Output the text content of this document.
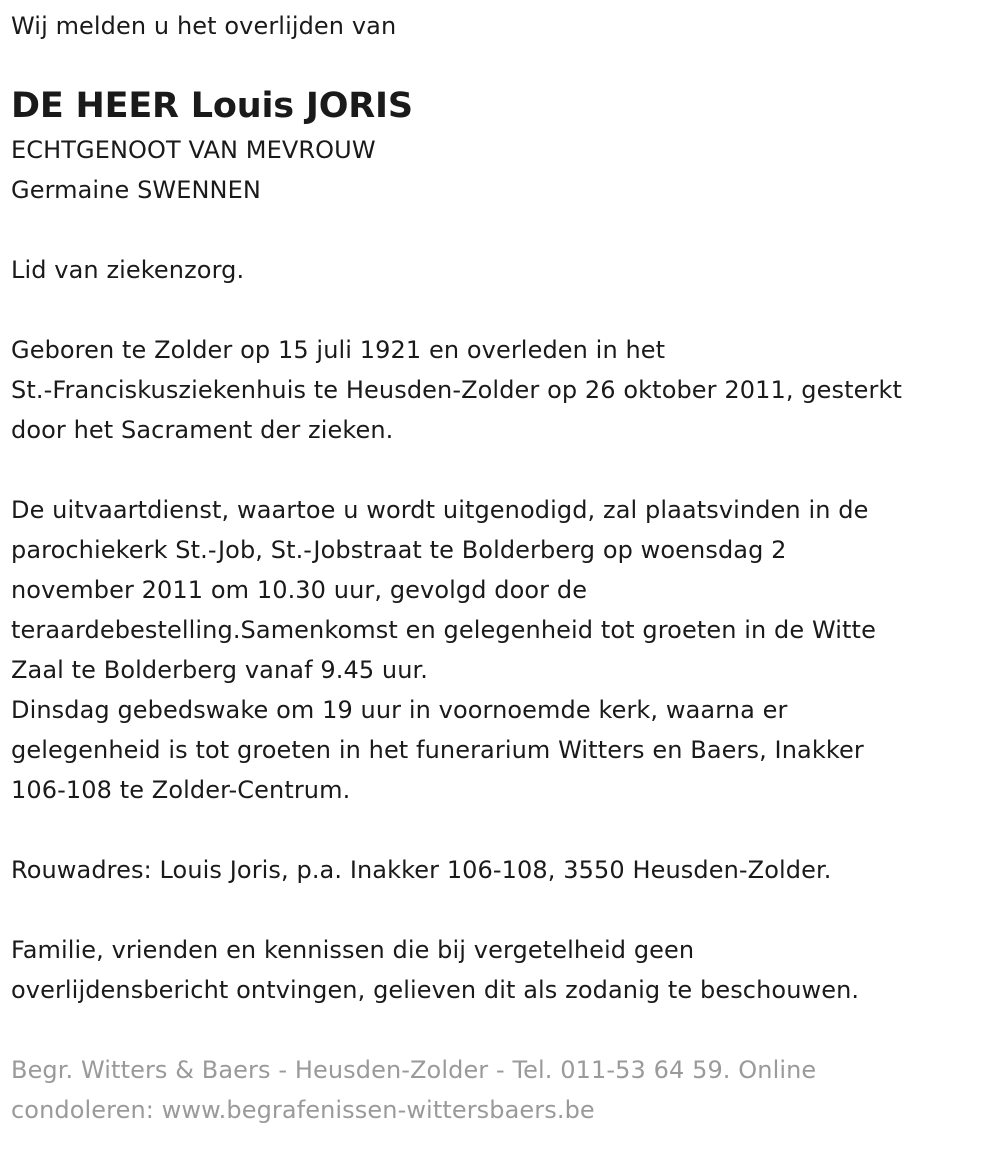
Wij melden u het overlijden van
DE HEER Louis JORIS
ECHTGENOOT VAN MEVROUW
Germaine SWENNEN
Lid van ziekenzorg.
Geboren te Zolder op 15 juli 1921 en overleden in het
St.-Franciskusziekenhuis te Heusden-Zolder op 26 oktober 2011, gesterkt
door het Sacrament der zieken.
De uitvaartdienst, waartoe u wordt uitgenodigd, zal plaatsvinden in de
parochiekerk St.-Job, St.-Jobstraat te Bolderberg op woensdag 2
november 2011 om 10.30 uur, gevolgd door de
teraardebestelling.Samenkomst en gelegenheid tot groeten in de Witte
Zaal te Bolderberg vanaf 9.45 uur.
Dinsdag gebedswake om 19 uur in voornoemde kerk, waarna er
gelegenheid is tot groeten in het funerarium Witters en Baers, Inakker
106-108 te Zolder-Centrum.
Rouwadres: Louis Joris, p.a. Inakker 106-108, 3550 Heusden-Zolder.
Familie, vrienden en kennissen die bij vergetelheid geen
overlijdensbericht ontvingen, gelieven dit als zodanig te beschouwen.
Begr. Witters & Baers - Heusden-Zolder - Tel. 011-53 64 59. Online
condoleren: www.begrafenissen-wittersbaers.be
